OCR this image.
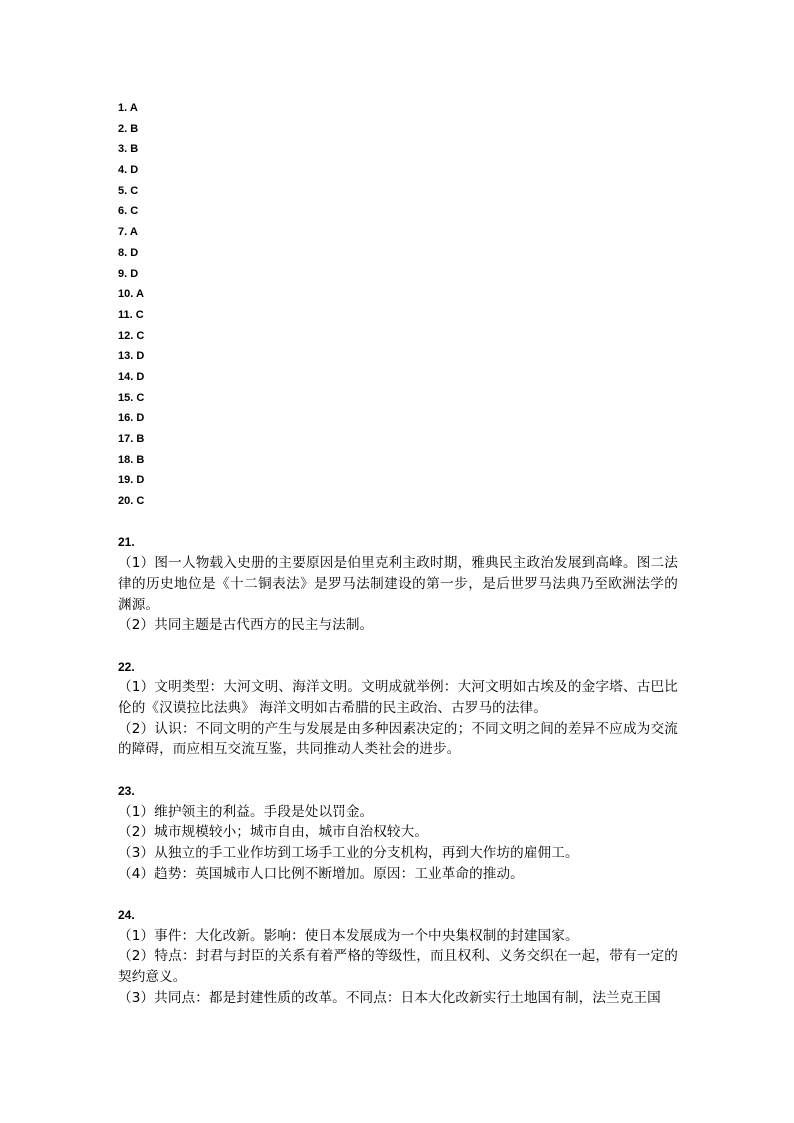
1. A
2. B
3. B
4. D
5. C
6. C
7. A
8. D
9. D
10. A
11. C
12. C
13. D
14. D
15. C
16. D
17. B
18. B
19. D
20. C
21.

（1）图一人物载入史册的主要原因是伯里克利主政时期，雅典民主政治发展到高峰。图二法律的历史地位是《十二铜表法》是罗马法制建设的第一步，是后世罗马法典乃至欧洲法学的渊源。

（2）共同主题是古代西方的民主与法制。

22.

（1）文明类型：大河文明、海洋文明。文明成就举例：大河文明如古埃及的金字塔、古巴比伦的《汉谟拉比法典》 海洋文明如古希腊的民主政治、古罗马的法律。

（2）认识：不同文明的产生与发展是由多种因素决定的；不同文明之间的差异不应成为交流的障碍，而应相互交流互鉴，共同推动人类社会的进步。

23.

（1）维护领主的利益。手段是处以罚金。

（2）城市规模较小；城市自由，城市自治权较大。

（3）从独立的手工业作坊到工场手工业的分支机构，再到大作坊的雇佣工。

（4）趋势：英国城市人口比例不断增加。原因：工业革命的推动。

24.

（1）事件：大化改新。影响：使日本发展成为一个中央集权制的封建国家。

（2）特点：封君与封臣的关系有着严格的等级性，而且权利、义务交织在一起，带有一定的契约意义。

（3）共同点：都是封建性质的改革。不同点：日本大化改新实行土地国有制，法兰克王国
